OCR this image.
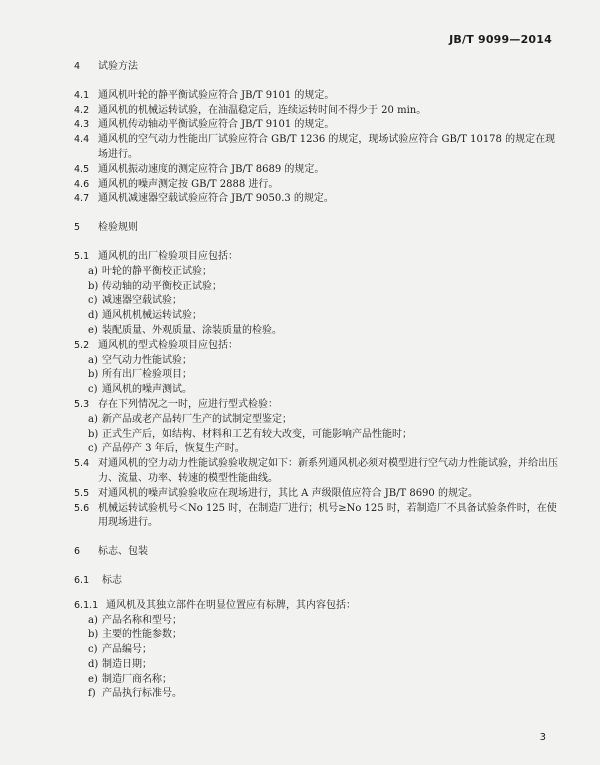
JB/T 9099—2014
4	试验方法
4.1 通风机叶轮的静平衡试验应符合 JB/T 9101 的规定。
4.2 通风机的机械运转试验，在油温稳定后，连续运转时间不得少于 20 min。
4.3 通风机传动轴动平衡试验应符合 JB/T 9101 的规定。
4.4 通风机的空气动力性能出厂试验应符合 GB/T 1236 的规定，现场试验应符合 GB/T 10178 的规定在现场进行。
4.5 通风机振动速度的测定应符合 JB/T 8689 的规定。
4.6 通风机的噪声测定按 GB/T 2888 进行。
4.7 通风机减速器空载试验应符合 JB/T 9050.3 的规定。
5	检验规则
5.1 通风机的出厂检验项目应包括：
a) 叶轮的静平衡校正试验；
b) 传动轴的动平衡校正试验；
c) 减速器空载试验；
d) 通风机机械运转试验；
e) 装配质量、外观质量、涂装质量的检验。
5.2 通风机的型式检验项目应包括：
a) 空气动力性能试验；
b) 所有出厂检验项目；
c) 通风机的噪声测试。
5.3 存在下列情况之一时，应进行型式检验：
a) 新产品或老产品转厂生产的试制定型鉴定；
b) 正式生产后，如结构、材料和工艺有较大改变，可能影响产品性能时；
c) 产品停产 3 年后，恢复生产时。
5.4 对通风机的空力动力性能试验验收规定如下：新系列通风机必须对模型进行空气动力性能试验，并给出压力、流量、功率、转速的模型性能曲线。
5.5 对通风机的噪声试验验收应在现场进行，其比 A 声级限值应符合 JB/T 8690 的规定。
5.6 机械运转试验机号＜No 125 时，在制造厂进行；机号≥No 125 时，若制造厂不具备试验条件时，在使用现场进行。
6	标志、包装
6.1	标志
6.1.1 通风机及其独立部件在明显位置应有标牌，其内容包括：
a) 产品名称和型号；
b) 主要的性能参数；
c) 产品编号；
d) 制造日期；
e) 制造厂商名称；
f) 产品执行标准号。
3
